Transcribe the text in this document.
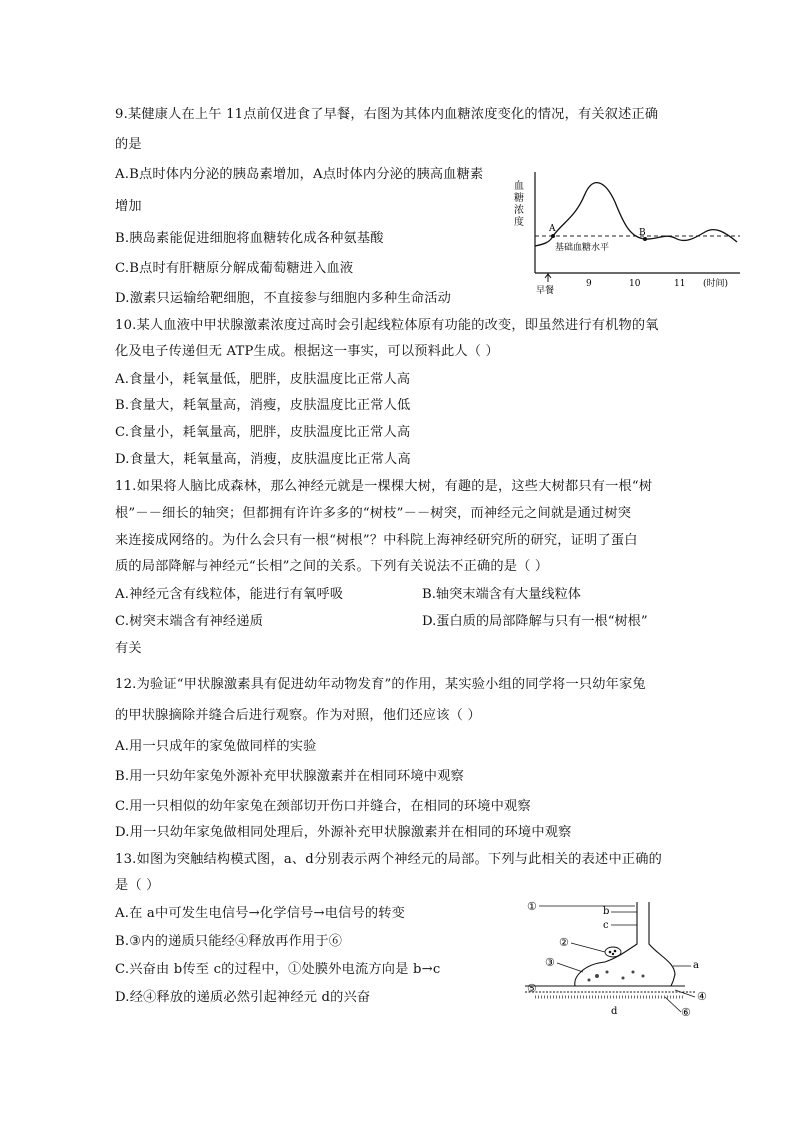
9.某健康人在上午 11点前仅进食了早餐，右图为其体内血糖浓度变化的情况，有关叙述正确
的是
A.B点时体内分泌的胰岛素增加，A点时体内分泌的胰高血糖素
增加
B.胰岛素能促进细胞将血糖转化成各种氨基酸
C.B点时有肝糖原分解成葡萄糖进入血液
D.激素只运输给靶细胞，不直接参与细胞内多种生命活动
血
糖
浓
度
A	B
基础血糖水平
早餐
9	10	11 (时间)
10.某人血液中甲状腺激素浓度过高时会引起线粒体原有功能的改变，即虽然进行有机物的氧
化及电子传递但无 ATP生成。根据这一事实，可以预料此人（ ）
A.食量小，耗氧量低，肥胖，皮肤温度比正常人高
B.食量大，耗氧量高，消瘦，皮肤温度比正常人低
C.食量小，耗氧量高，肥胖，皮肤温度比正常人高
D.食量大，耗氧量高，消瘦，皮肤温度比正常人高
11.如果将人脑比成森林，那么神经元就是一棵棵大树，有趣的是，这些大树都只有一根“树
根”－－细长的轴突；但都拥有许许多多的“树枝”－－树突，而神经元之间就是通过树突
来连接成网络的。为什么会只有一根“树根”？中科院上海神经研究所的研究，证明了蛋白
质的局部降解与神经元“长相”之间的关系。下列有关说法不正确的是（ ）
A.神经元含有线粒体，能进行有氧呼吸	B.轴突末端含有大量线粒体
C.树突末端含有神经递质	D.蛋白质的局部降解与只有一根“树根”
有关
12.为验证“甲状腺激素具有促进幼年动物发育”的作用，某实验小组的同学将一只幼年家兔
的甲状腺摘除并缝合后进行观察。作为对照，他们还应该（ ）
A.用一只成年的家兔做同样的实验
B.用一只幼年家兔外源补充甲状腺激素并在相同环境中观察
C.用一只相似的幼年家兔在颈部切开伤口并缝合，在相同的环境中观察
D.用一只幼年家兔做相同处理后，外源补充甲状腺激素并在相同的环境中观察
13.如图为突触结构模式图，a、d分别表示两个神经元的局部。下列与此相关的表述中正确的
是（ ）
A.在 a中可发生电信号→化学信号→电信号的转变
B.③内的递质只能经④释放再作用于⑥
C.兴奋由 b传至 c的过程中，①处膜外电流方向是 b→c
D.经④释放的递质必然引起神经元 d的兴奋
①	b
c
②
③	a
⑤
④
⑥
d
